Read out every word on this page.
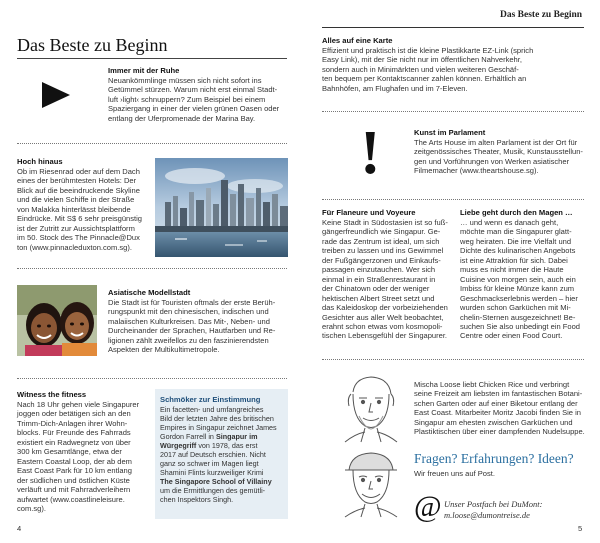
Das Beste zu Beginn
Immer mit der Ruhe
Neuankömmlinge müssen sich nicht sofort ins
Getümmel stürzen. Warum nicht erst einmal Stadt-
luft ›light‹ schnuppern? Zum Beispiel bei einem
Spaziergang in einer der vielen grünen Oasen oder
entlang der Uferpromenade der Marina Bay.
Hoch hinaus
Ob im Riesenrad oder auf dem Dach
eines der berühmtesten Hotels: Der
Blick auf die beeindruckende Skyline
und die vielen Schiffe in der Straße
von Malakka hinterlässt bleibende
Eindrücke. Mit S$ 6 sehr preisgünstig
ist der Zutritt zur Aussichtsplattform
im 50. Stock des The Pinnacle@Dux
ton (www.pinnacleduxton.com.sg).
Asiatische Modellstadt
Die Stadt ist für Touristen oftmals der erste Berüh-
rungspunkt mit den chinesischen, indischen und
malaiischen Kulturkreisen. Das Mit-, Neben- und
Durcheinander der Sprachen, Hautfarben und Re-
ligionen zählt zweifellos zu den faszinierendsten
Aspekten der Multikultimetropole.
Witness the fitness
Nach 18 Uhr gehen viele Singapurer
joggen oder betätigen sich an den
Trimm-Dich-Anlagen ihrer Wohn-
blocks. Für Freunde des Fahrrads
existiert ein Radwegnetz von über
300 km Gesamtlänge, etwa der
Eastern Coastal Loop, der ab dem
East Coast Park für 10 km entlang
der südlichen und östlichen Küste
verläuft und mit Fahrradverleihern
aufwartet (www.coastlineleisure.
com.sg).
Schmöker zur Einstimmung
Ein facetten- und umfangreiches
Bild der letzten Jahre des britischen
Empires in Singapur zeichnet James
Gordon Farrell in Singapur im
Würgegriff von 1978, das erst
2017 auf Deutsch erschien. Nicht
ganz so schwer im Magen liegt
Shamini Flints kurzweiliger Krimi
The Singapore School of Villainy
um die Ermittlungen des gemütli-
chen Inspektors Singh.
4
Das Beste zu Beginn
Alles auf eine Karte
Effizient und praktisch ist die kleine Plastikkarte EZ-Link (sprich
Easy Link), mit der Sie nicht nur im öffentlichen Nahverkehr,
sondern auch in Minimärkten und vielen weiteren Geschäf-
ten bequem per Kontaktscanner zahlen können. Erhältlich an
Bahnhöfen, am Flughafen und im 7-Eleven.
!	Kunst im Parlament
The Arts House im alten Parlament ist der Ort für
zeitgenössisches Theater, Musik, Kunstausstellun-
gen und Vorführungen von Werken asiatischer
Filmemacher (www.theartshouse.sg).
Für Flaneure und Voyeure
Keine Stadt in Südostasien ist so fuß-
gängerfreundlich wie Singapur. Ge-
rade das Zentrum ist ideal, um sich
treiben zu lassen und ins Gewimmel
der Fußgängerzonen und Einkaufs-
passagen einzutauchen. Wer sich
einmal in ein Straßenrestaurant in
der Chinatown oder der weniger
hektischen Albert Street setzt und
das Kaleidoskop der vorbeiziehenden
Gesichter aus aller Welt beobachtet,
erahnt schon etwas vom kosmopoli-
tischen Lebensgefühl der Singapurer.
Liebe geht durch den Magen …
… und wenn es danach geht,
möchte man die Singapurer glatt-
weg heiraten. Die irre Vielfalt und
Dichte des kulinarischen Angebots
ist eine Attraktion für sich. Dabei
muss es nicht immer die Haute
Cuisine von morgen sein, auch ein
Imbiss für kleine Münze kann zum
Geschmackserlebnis werden – hier
wurden schon Garküchen mit Mi-
chelin-Sternen ausgezeichnet! Be-
suchen Sie also unbedingt ein Food
Centre oder einen Food Court.
Mischa Loose liebt Chicken Rice und verbringt
seine Freizeit am liebsten im fantastischen Botani-
schen Garten oder auf einer Biketour entlang der
East Coast. Mitarbeiter Moritz Jacobi finden Sie in
Singapur am ehesten zwischen Garküchen und
Plastiktischen über einer dampfenden Nudelsuppe.
Fragen? Erfahrungen? Ideen?
Wir freuen uns auf Post.
@ Unser Postfach bei DuMont:
m.loose@dumontreise.de
5
